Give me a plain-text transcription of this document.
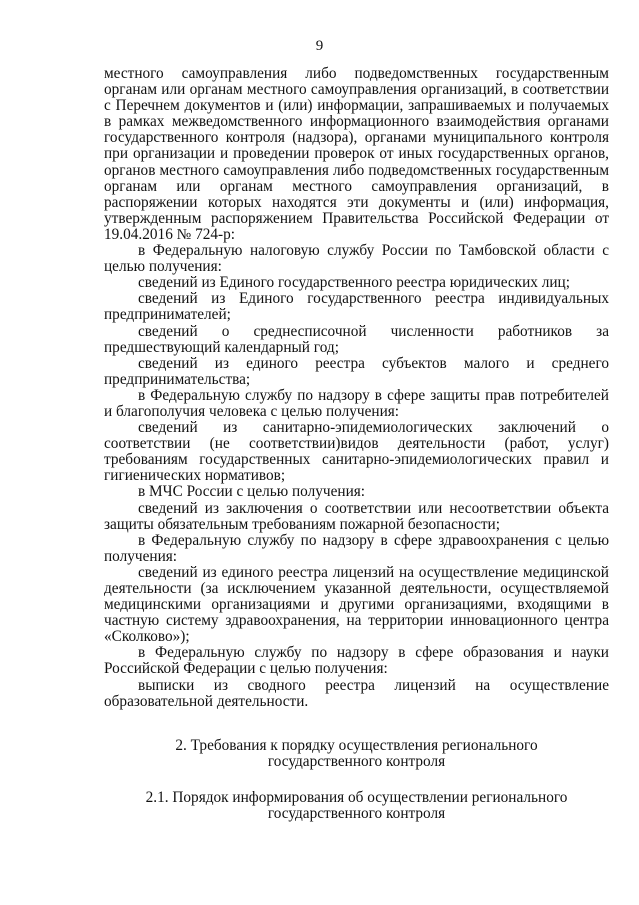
9

местного самоуправления либо подведомственных государственным органам или органам местного самоуправления организаций, в соответствии с Перечнем документов и (или) информации, запрашиваемых и получаемых в рамках межведомственного информационного взаимодействия органами государственного контроля (надзора), органами муниципального контроля при организации и проведении проверок от иных государственных органов, органов местного самоуправления либо подведомственных государственным органам или органам местного самоуправления организаций, в распоряжении которых находятся эти документы и (или) информация, утвержденным распоряжением Правительства Российской Федерации от 19.04.2016 № 724-р:

в Федеральную налоговую службу России по Тамбовской области с целью получения:

сведений из Единого государственного реестра юридических лиц;

сведений из Единого государственного реестра индивидуальных предпринимателей;

сведений о среднесписочной численности работников за предшествующий календарный год;

сведений из единого реестра субъектов малого и среднего предпринимательства;

в Федеральную службу по надзору в сфере защиты прав потребителей и благополучия человека с целью получения:

сведений из санитарно-эпидемиологических заключений о соответствии (не соответствии)видов деятельности (работ, услуг) требованиям государственных санитарно-эпидемиологических правил и гигиенических нормативов;

в МЧС России с целью получения:

сведений из заключения о соответствии или несоответствии объекта защиты обязательным требованиям пожарной безопасности;

в Федеральную службу по надзору в сфере здравоохранения с целью получения:

сведений из единого реестра лицензий на осуществление медицинской деятельности (за исключением указанной деятельности, осуществляемой медицинскими организациями и другими организациями, входящими в частную систему здравоохранения, на территории инновационного центра «Сколково»);

в Федеральную службу по надзору в сфере образования и науки Российской Федерации с целью получения:

выписки из сводного реестра лицензий на осуществление образовательной деятельности.

2. Требования к порядку осуществления регионального
государственного контроля
2.1. Порядок информирования об осуществлении регионального
государственного контроля
